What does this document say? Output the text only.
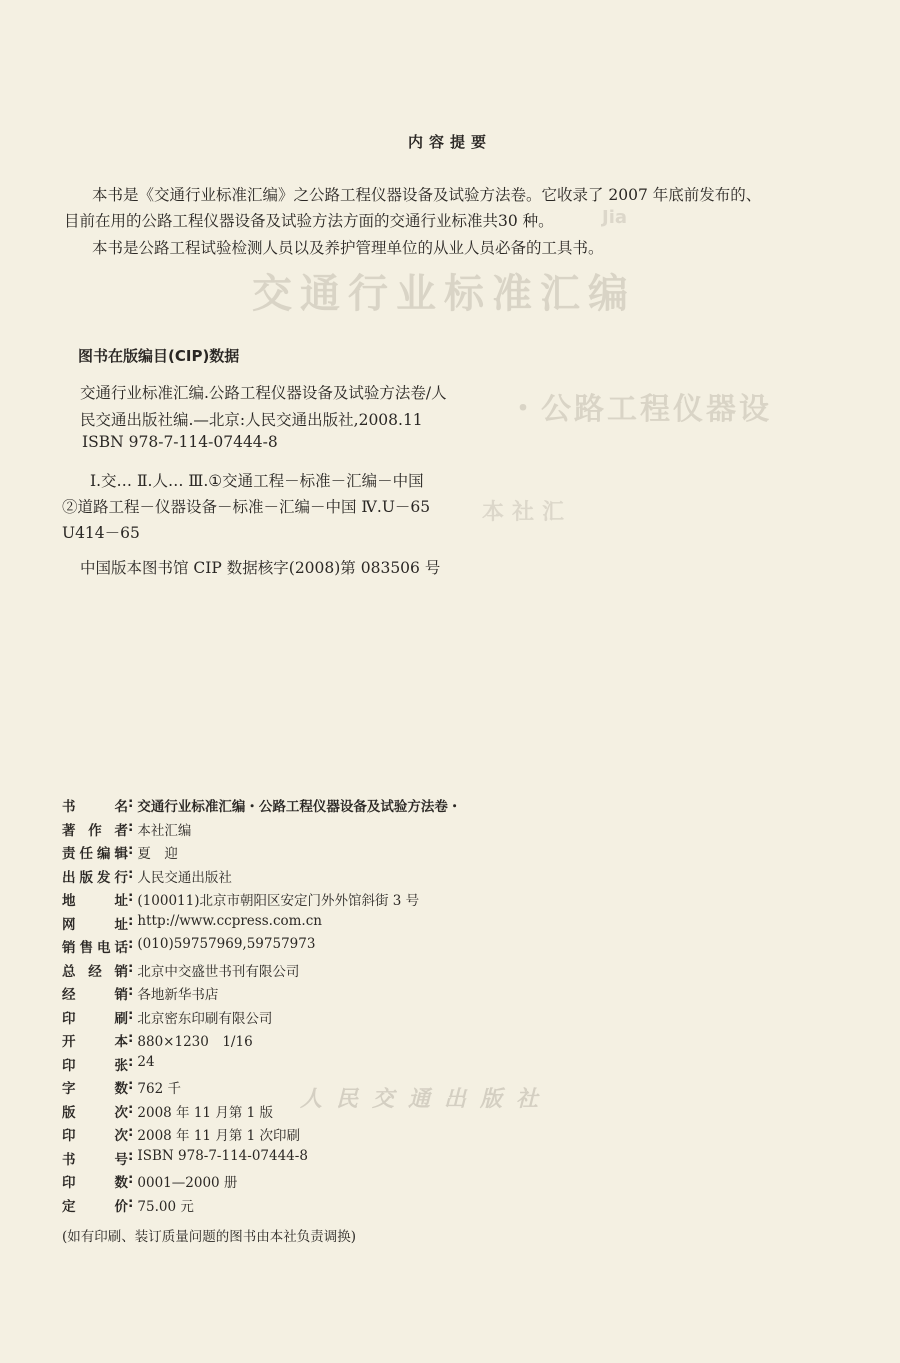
交通行业标准汇编
・公路工程仪器设
人民交通出版社
Jia
本社汇
内容提要
本书是《交通行业标准汇编》之公路工程仪器设备及试验方法卷。它收录了 2007 年底前发布的、
目前在用的公路工程仪器设备及试验方法方面的交通行业标准共30 种。
本书是公路工程试验检测人员以及养护管理单位的从业人员必备的工具书。
图书在版编目(CIP)数据
交通行业标准汇编.公路工程仪器设备及试验方法卷/人
民交通出版社编.—北京:人民交通出版社,2008.11
ISBN 978-7-114-07444-8
Ⅰ.交… Ⅱ.人… Ⅲ.①交通工程－标准－汇编－中国
②道路工程－仪器设备－标准－汇编－中国 Ⅳ.U－65
U414－65
中国版本图书馆 CIP 数据核字(2008)第 083506 号
书	名 : 交通行业标准汇编・公路工程仪器设备及试验方法卷・
著 作 者 : 本社汇编
责 任 编 辑 : 夏　迎
出 版 发 行 : 人民交通出版社
地	址 : (100011)北京市朝阳区安定门外外馆斜街 3 号
网	址 : http://www.ccpress.com.cn
销 售 电 话 : (010)59757969,59757973
总 经 销 : 北京中交盛世书刊有限公司
经	销 : 各地新华书店
印	刷 : 北京密东印刷有限公司
开	本 : 880×1230　1/16
印	张 : 24
字	数 : 762 千
版	次 : 2008 年 11 月第 1 版
印	次 : 2008 年 11 月第 1 次印刷
书	号 : ISBN 978-7-114-07444-8
印	数 : 0001—2000 册
定	价 : 75.00 元
(如有印刷、装订质量问题的图书由本社负责调换)
